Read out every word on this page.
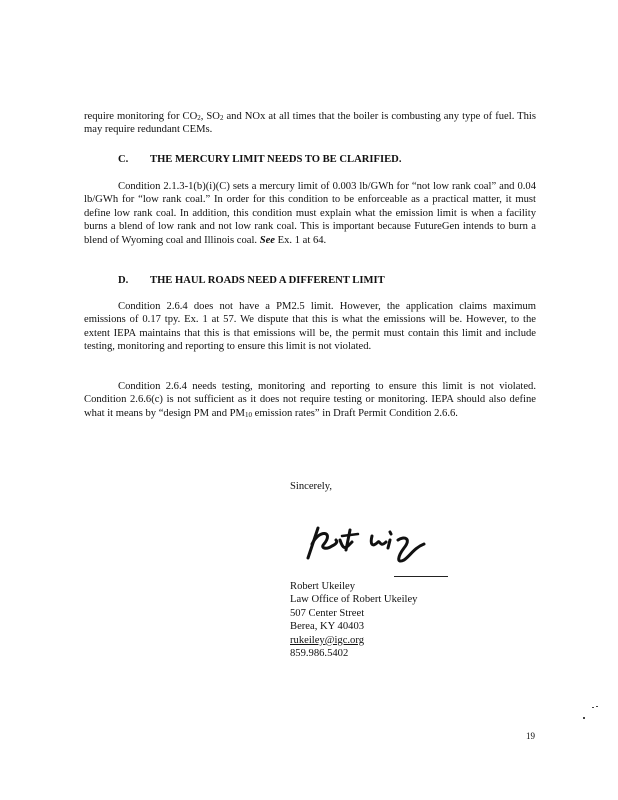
require monitoring for CO2, SO2 and NOx at all times that the boiler is combusting any type of fuel. This may require redundant CEMs.

C. THE MERCURY LIMIT NEEDS TO BE CLARIFIED.

Condition 2.1.3-1(b)(i)(C) sets a mercury limit of 0.003 lb/GWh for “not low rank coal” and 0.04 lb/GWh for “low rank coal.” In order for this condition to be enforceable as a practical matter, it must define low rank coal. In addition, this condition must explain what the emission limit is when a facility burns a blend of low rank and not low rank coal. This is important because FutureGen intends to burn a blend of Wyoming coal and Illinois coal. See Ex. 1 at 64.

D. THE HAUL ROADS NEED A DIFFERENT LIMIT

Condition 2.6.4 does not have a PM2.5 limit. However, the application claims maximum emissions of 0.17 tpy. Ex. 1 at 57. We dispute that this is what the emissions will be. However, to the extent IEPA maintains that this is that emissions will be, the permit must contain this limit and include testing, monitoring and reporting to ensure this limit is not violated.

Condition 2.6.4 needs testing, monitoring and reporting to ensure this limit is not violated. Condition 2.6.6(c) is not sufficient as it does not require testing or monitoring. IEPA should also define what it means by “design PM and PM10 emission rates” in Draft Permit Condition 2.6.6.

Sincerely,
Robert Ukeiley
Law Office of Robert Ukeiley
507 Center Street
Berea, KY 40403
rukeiley@igc.org
859.986.5402
19
